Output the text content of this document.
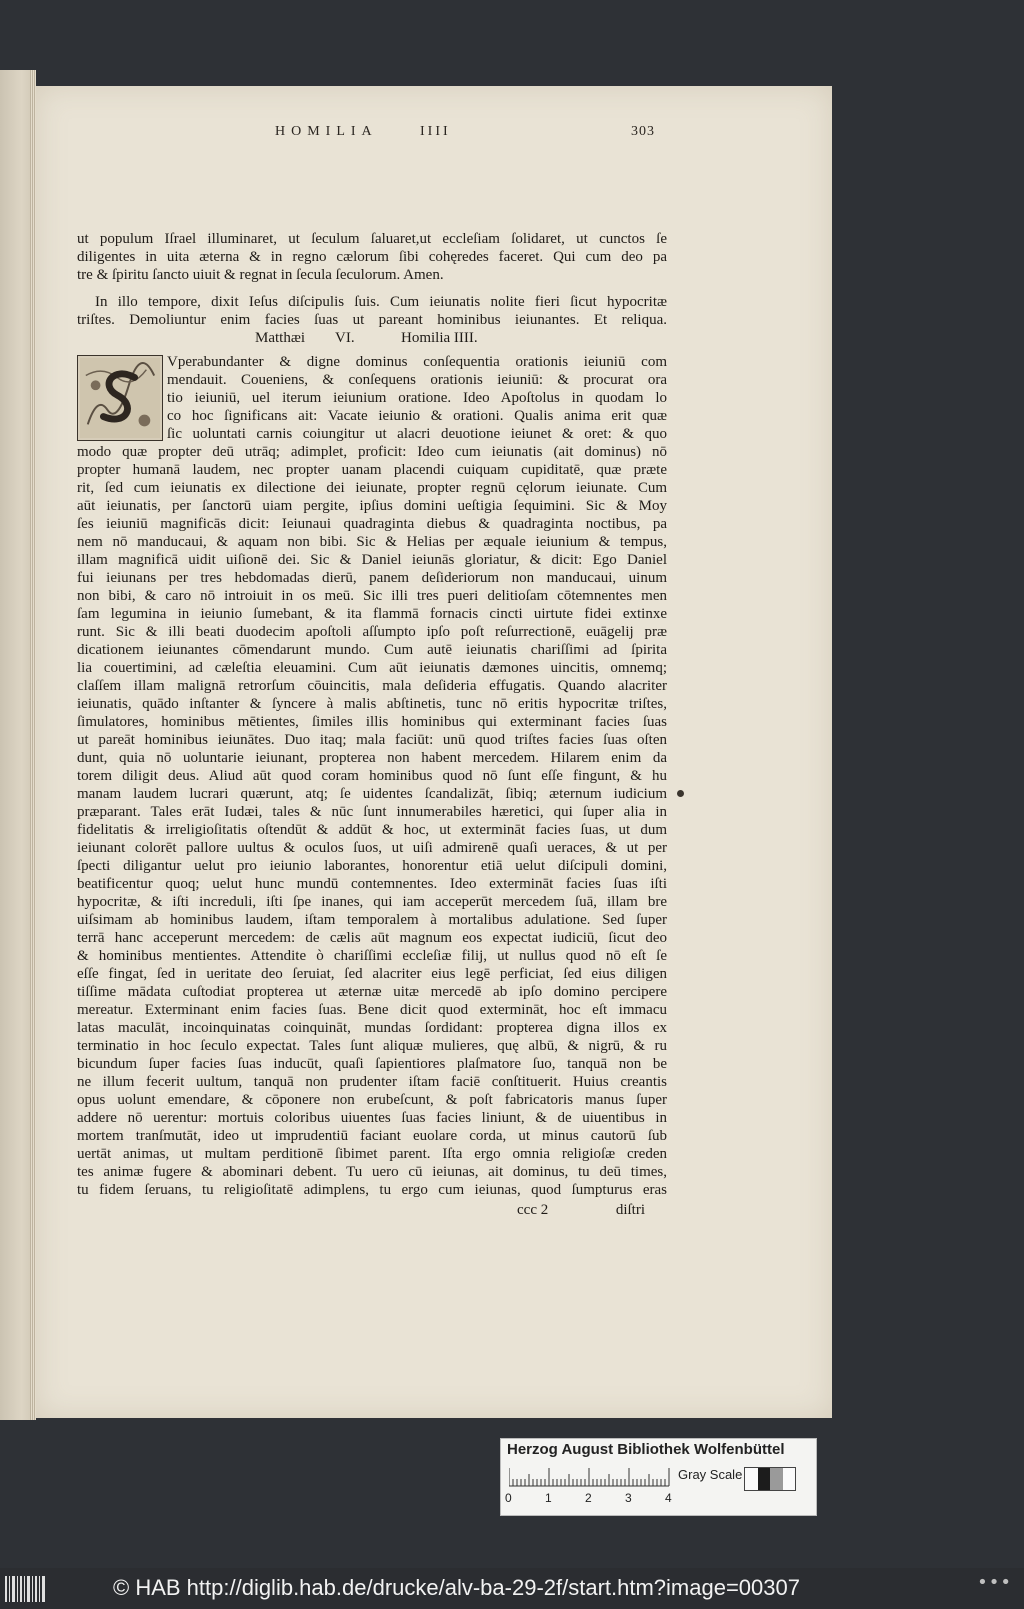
HOMILIA	IIII	303
ut populum Iſrael illuminaret, ut ſeculum ſaluaret,ut eccleſiam ſolidaret, ut cunctos ſe
diligentes in uita æterna & in regno cælorum ſibi cohęredes faceret. Qui cum deo pa
tre & ſpiritu ſancto uiuit & regnat in ſecula ſeculorum. Amen.
In illo tempore, dixit Ieſus diſcipulis ſuis. Cum ieiunatis nolite fieri ſicut hypocritæ
triſtes. Demoliuntur enim facies ſuas ut pareant hominibus ieiunantes. Et reliqua.
Matthæi VI.	Homilia IIII.
Vperabundanter & digne dominus conſequentia orationis ieiuniū com
mendauit. Coueniens, & conſequens orationis ieiuniū: & procurat ora
tio ieiuniū, uel iterum ieiunium oratione. Ideo Apoſtolus in quodam lo
co hoc ſignificans ait: Vacate ieiunio & orationi. Qualis anima erit quæ
ſic uoluntati carnis coiungitur ut alacri deuotione ieiunet & oret: & quo
modo quæ propter deū utrāq; adimplet, proficit: Ideo cum ieiunatis (ait dominus) nō
propter humanā laudem, nec propter uanam placendi cuiquam cupiditatē, quæ præte
rit, ſed cum ieiunatis ex dilectione dei ieiunate, propter regnū cęlorum ieiunate. Cum
aūt ieiunatis, per ſanctorū uiam pergite, ipſius domini ueſtigia ſequimini. Sic & Moy
ſes ieiuniū magnificās dicit: Ieiunaui quadraginta diebus & quadraginta noctibus, pa
nem nō manducaui, & aquam non bibi. Sic & Helias per æquale ieiunium & tempus,
illam magnificā uidit uiſionē dei. Sic & Daniel ieiunās gloriatur, & dicit: Ego Daniel
fui ieiunans per tres hebdomadas dierū, panem deſideriorum non manducaui, uinum
non bibi, & caro nō introiuit in os meū. Sic illi tres pueri delitioſam cōtemnentes men
ſam legumina in ieiunio ſumebant, & ita flammā fornacis cincti uirtute fidei extinxe
runt. Sic & illi beati duodecim apoſtoli aſſumpto ipſo poſt reſurrectionē, euāgelij præ
dicationem ieiunantes cōmendarunt mundo. Cum autē ieiunatis chariſſimi ad ſpirita
lia couertimini, ad cæleſtia eleuamini. Cum aūt ieiunatis dæmones uincitis, omnemq;
claſſem illam malignā retrorſum cōuincitis, mala deſideria effugatis. Quando alacriter
ieiunatis, quādo inſtanter & ſyncere à malis abſtinetis, tunc nō eritis hypocritæ triſtes,
ſimulatores, hominibus mētientes, ſimiles illis hominibus qui exterminant facies ſuas
ut pareāt hominibus ieiunātes. Duo itaq; mala faciūt: unū quod triſtes facies ſuas oſten
dunt, quia nō uoluntarie ieiunant, propterea non habent mercedem. Hilarem enim da
torem diligit deus. Aliud aūt quod coram hominibus quod nō ſunt eſſe fingunt, & hu
manam laudem lucrari quærunt, atq; ſe uidentes ſcandalizāt, ſibiq; æternum iudicium
præparant. Tales erāt Iudæi, tales & nūc ſunt innumerabiles hæretici, qui ſuper alia in
fidelitatis & irreligioſitatis oſtendūt & addūt & hoc, ut extermināt facies ſuas, ut dum
ieiunant colorēt pallore uultus & oculos ſuos, ut uiſi admirenē quaſi ueraces, & ut per
ſpecti diligantur uelut pro ieiunio laborantes, honorentur etiā uelut diſcipuli domini,
beatificentur quoq; uelut hunc mundū contemnentes. Ideo extermināt facies ſuas iſti
hypocritæ, & iſti increduli, iſti ſpe inanes, qui iam acceperūt mercedem ſuā, illam bre
uiſsimam ab hominibus laudem, iſtam temporalem à mortalibus adulatione. Sed ſuper
terrā hanc acceperunt mercedem: de cælis aūt magnum eos expectat iudiciū, ſicut deo
& hominibus mentientes. Attendite ò chariſſimi eccleſiæ filij, ut nullus quod nō eſt ſe
eſſe fingat, ſed in ueritate deo ſeruiat, ſed alacriter eius legē perficiat, ſed eius diligen
tiſſime mādata cuſtodiat propterea ut æternæ uitæ mercedē ab ipſo domino percipere
mereatur. Exterminant enim facies ſuas. Bene dicit quod extermināt, hoc eſt immacu
latas maculāt, incoinquinatas coinquināt, mundas ſordidant: propterea digna illos ex
terminatio in hoc ſeculo expectat. Tales ſunt aliquæ mulieres, quę albū, & nigrū, & ru
bicundum ſuper facies ſuas inducūt, quaſi ſapientiores plaſmatore ſuo, tanquā non be
ne illum fecerit uultum, tanquā non prudenter iſtam faciē conſtituerit. Huius creantis
opus uolunt emendare, & cōponere non erubeſcunt, & poſt fabricatoris manus ſuper
addere nō uerentur: mortuis coloribus uiuentes ſuas facies liniunt, & de uiuentibus in
mortem tranſmutāt, ideo ut imprudentiū faciant euolare corda, ut minus cautorū ſub
uertāt animas, ut multam perditionē ſibimet parent. Iſta ergo omnia religioſæ creden
tes animæ fugere & abominari debent. Tu uero cū ieiunas, ait dominus, tu deū times,
tu fidem ſeruans, tu religioſitatē adimplens, tu ergo cum ieiunas, quod ſumpturus eras
ccc 2	diſtri
Herzog August Bibliothek Wolfenbüttel
0	1	2	3	4
Gray Scale
© HAB http://diglib.hab.de/drucke/alv-ba-29-2f/start.htm?image=00307	•••
